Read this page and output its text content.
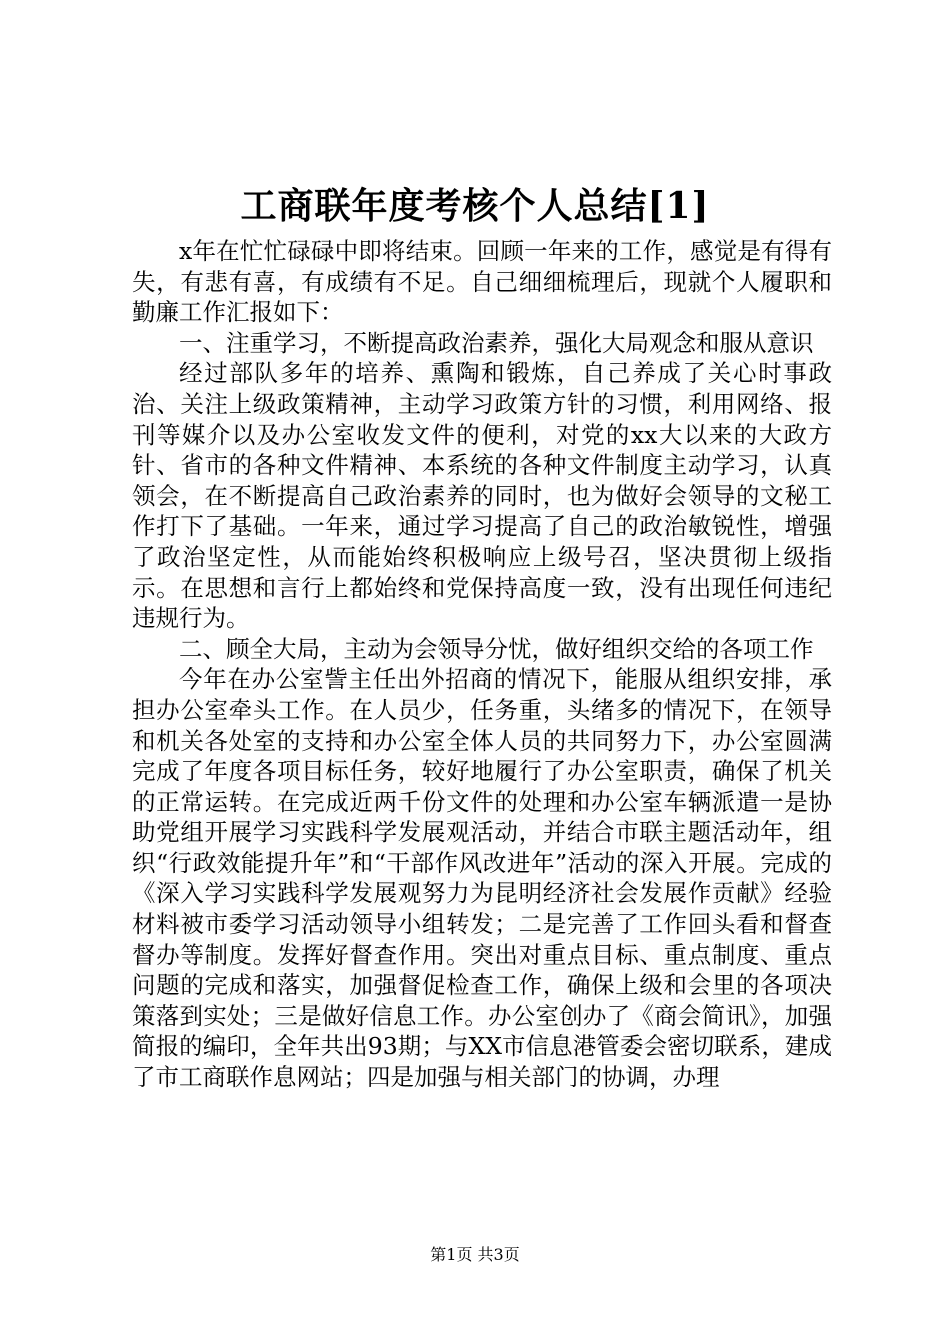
工商联年度考核个人总结[1]

x年在忙忙碌碌中即将结束。回顾一年来的工作，感觉是有得有失，有悲有喜，有成绩有不足。自己细细梳理后，现就个人履职和勤廉工作汇报如下：

一、注重学习，不断提高政治素养，强化大局观念和服从意识

经过部队多年的培养、熏陶和锻炼，自己养成了关心时事政治、关注上级政策精神，主动学习政策方针的习惯，利用网络、报刊等媒介以及办公室收发文件的便利，对党的xx大以来的大政方针、省市的各种文件精神、本系统的各种文件制度主动学习，认真领会，在不断提高自己政治素养的同时，也为做好会领导的文秘工作打下了基础。一年来，通过学习提高了自己的政治敏锐性，增强了政治坚定性，从而能始终积极响应上级号召，坚决贯彻上级指示。在思想和言行上都始终和党保持高度一致，没有出现任何违纪违规行为。

二、顾全大局，主动为会领导分忧，做好组织交给的各项工作

今年在办公室訾主任出外招商的情况下，能服从组织安排，承担办公室牵头工作。在人员少，任务重，头绪多的情况下，在领导和机关各处室的支持和办公室全体人员的共同努力下，办公室圆满完成了年度各项目标任务，较好地履行了办公室职责，确保了机关的正常运转。在完成近两千份文件的处理和办公室车辆派遣一是协助党组开展学习实践科学发展观活动，并结合市联主题活动年，组织“行政效能提升年”和“干部作风改进年”活动的深入开展。完成的《深入学习实践科学发展观努力为昆明经济社会发展作贡献》经验材料被市委学习活动领导小组转发；二是完善了工作回头看和督查督办等制度。发挥好督查作用。突出对重点目标、重点制度、重点问题的完成和落实，加强督促检查工作，确保上级和会里的各项决策落到实处；三是做好信息工作。办公室创办了《商会简讯》，加强简报的编印，全年共出93期；与XX市信息港管委会密切联系，建成了市工商联作息网站；四是加强与相关部门的协调，办理

第1页 共3页
